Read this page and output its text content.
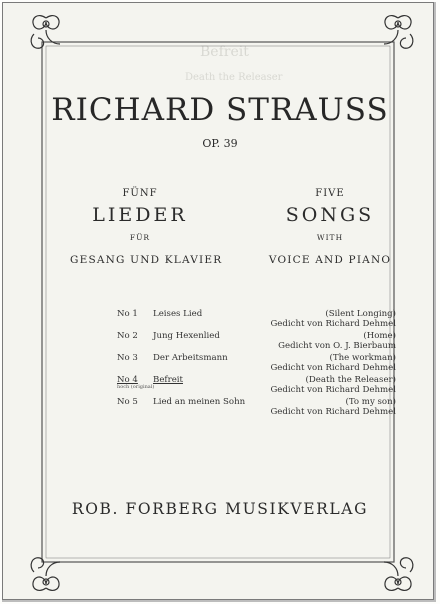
Befreit
Death the Releaser
RICHARD STRAUSS
OP. 39
FÜNF
LIEDER
FÜR
GESANG UND KLAVIER
FIVE
SONGS
WITH
VOICE AND PIANO
No 1 Leises Lied	(Silent Longing)
Gedicht von Richard Dehmel
No 2 Jung Hexenlied	(Home)
Gedicht von O. J. Bierbaum
No 3 Der Arbeitsmann	(The workman)
Gedicht von Richard Dehmel
No 4 Befreit	(Death the Releaser)
Gedicht von Richard Dehmel
hoch (original)
No 5 Lied an meinen Sohn	(To my son)
Gedicht von Richard Dehmel
ROB. FORBERG MUSIKVERLAG
